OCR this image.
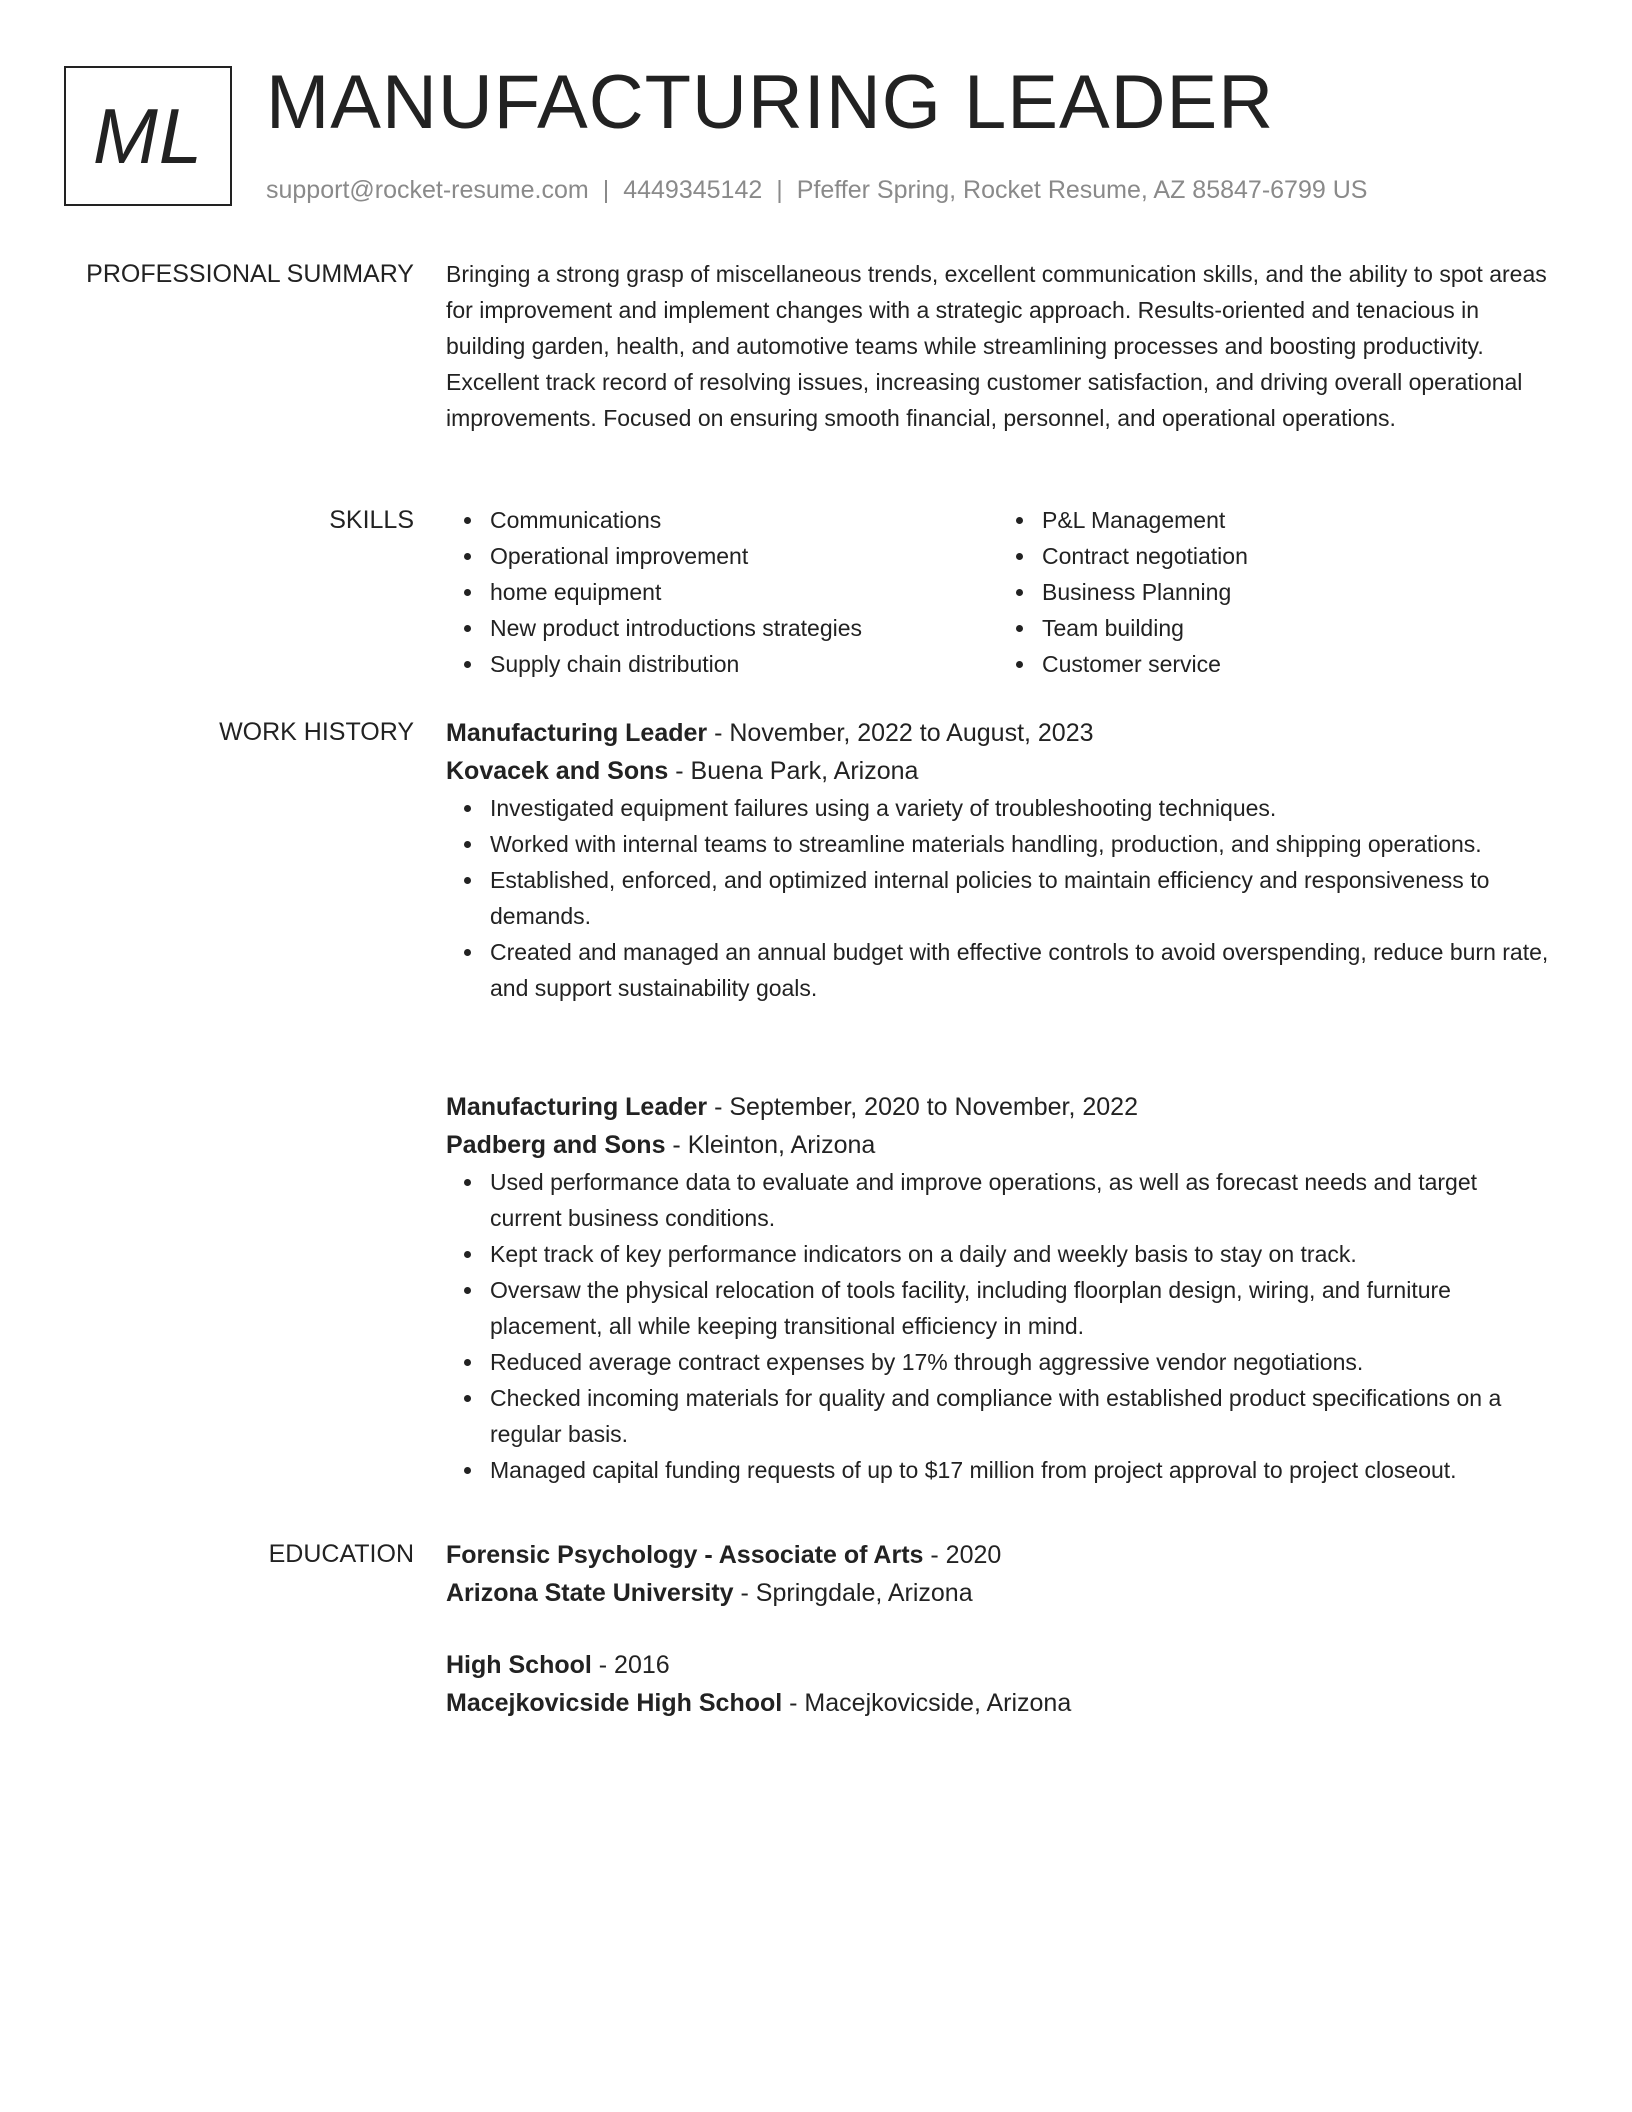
ML MANUFACTURING LEADER
support@rocket-resume.com | 4449345142 | Pfeffer Spring, Rocket Resume, AZ 85847-6799 US
PROFESSIONAL SUMMARY Bringing a strong grasp of miscellaneous trends, excellent communication skills, and the ability to spot areas for improvement and implement changes with a strategic approach. Results-oriented and tenacious in building garden, health, and automotive teams while streamlining processes and boosting productivity. Excellent track record of resolving issues, increasing customer satisfaction, and driving overall operational improvements. Focused on ensuring smooth financial, personnel, and operational operations.

SKILLS	Communications
Operational improvement
home equipment
New product introductions strategies
Supply chain distribution
P&L Management
Contract negotiation
Business Planning
Team building
Customer service
WORK HISTORY Manufacturing Leader - November, 2022 to August, 2023
Kovacek and Sons - Buena Park, Arizona
Investigated equipment failures using a variety of troubleshooting techniques.
Worked with internal teams to streamline materials handling, production, and shipping operations.
Established, enforced, and optimized internal policies to maintain efficiency and responsiveness to demands.
Created and managed an annual budget with effective controls to avoid overspending, reduce burn rate, and support sustainability goals.
Manufacturing Leader - September, 2020 to November, 2022
Padberg and Sons - Kleinton, Arizona
Used performance data to evaluate and improve operations, as well as forecast needs and target current business conditions.
Kept track of key performance indicators on a daily and weekly basis to stay on track.
Oversaw the physical relocation of tools facility, including floorplan design, wiring, and furniture placement, all while keeping transitional efficiency in mind.
Reduced average contract expenses by 17% through aggressive vendor negotiations.
Checked incoming materials for quality and compliance with established product specifications on a regular basis.
Managed capital funding requests of up to $17 million from project approval to project closeout.
EDUCATION Forensic Psychology - Associate of Arts - 2020
Arizona State University - Springdale, Arizona
High School - 2016
Macejkovicside High School - Macejkovicside, Arizona
